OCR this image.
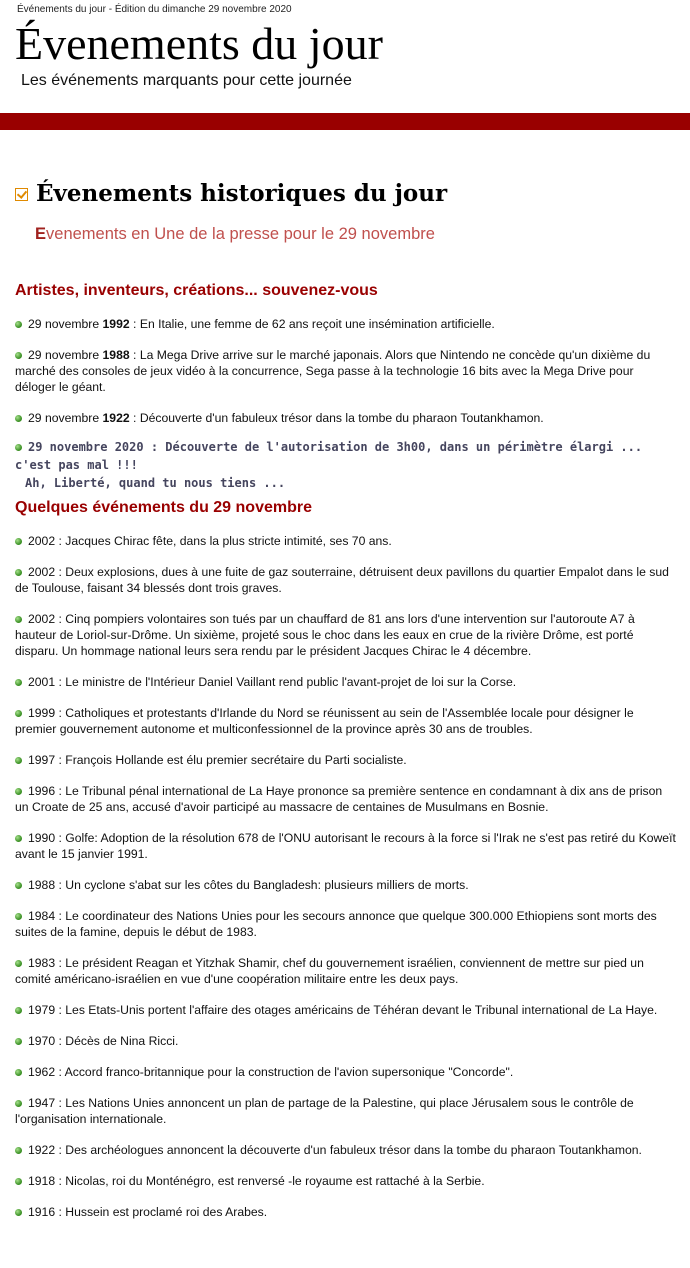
Événements du jour - Édition du dimanche 29 novembre 2020
Évenements du jour
Les événements marquants pour cette journée
Évenements historiques du jour
Evenements en Une de la presse pour le 29 novembre
Artistes, inventeurs, créations... souvenez-vous
29 novembre 1992 : En Italie, une femme de 62 ans reçoit une insémination artificielle.
29 novembre 1988 : La Mega Drive arrive sur le marché japonais. Alors que Nintendo ne concède qu'un dixième du marché des consoles de jeux vidéo à la concurrence, Sega passe à la technologie 16 bits avec la Mega Drive pour déloger le géant.
29 novembre 1922 : Découverte d'un fabuleux trésor dans la tombe du pharaon Toutankhamon.
29 novembre 2020 : Découverte de l'autorisation de 3h00, dans un périmètre élargi ... c'est pas mal !!!
Ah, Liberté, quand tu nous tiens ...
Quelques événements du 29 novembre
2002 : Jacques Chirac fête, dans la plus stricte intimité, ses 70 ans.
2002 : Deux explosions, dues à une fuite de gaz souterraine, détruisent deux pavillons du quartier Empalot dans le sud de Toulouse, faisant 34 blessés dont trois graves.
2002 : Cinq pompiers volontaires son tués par un chauffard de 81 ans lors d'une intervention sur l'autoroute A7 à hauteur de Loriol-sur-Drôme. Un sixième, projeté sous le choc dans les eaux en crue de la rivière Drôme, est porté disparu. Un hommage national leurs sera rendu par le président Jacques Chirac le 4 décembre.
2001 : Le ministre de l'Intérieur Daniel Vaillant rend public l'avant-projet de loi sur la Corse.
1999 : Catholiques et protestants d'Irlande du Nord se réunissent au sein de l'Assemblée locale pour désigner le premier gouvernement autonome et multiconfessionnel de la province après 30 ans de troubles.
1997 : François Hollande est élu premier secrétaire du Parti socialiste.
1996 : Le Tribunal pénal international de La Haye prononce sa première sentence en condamnant à dix ans de prison un Croate de 25 ans, accusé d'avoir participé au massacre de centaines de Musulmans en Bosnie.
1990 : Golfe: Adoption de la résolution 678 de l'ONU autorisant le recours à la force si l'Irak ne s'est pas retiré du Koweït avant le 15 janvier 1991.
1988 : Un cyclone s'abat sur les côtes du Bangladesh: plusieurs milliers de morts.
1984 : Le coordinateur des Nations Unies pour les secours annonce que quelque 300.000 Ethiopiens sont morts des suites de la famine, depuis le début de 1983.
1983 : Le président Reagan et Yitzhak Shamir, chef du gouvernement israélien, conviennent de mettre sur pied un comité américano-israélien en vue d'une coopération militaire entre les deux pays.
1979 : Les Etats-Unis portent l'affaire des otages américains de Téhéran devant le Tribunal international de La Haye.
1970 : Décès de Nina Ricci.
1962 : Accord franco-britannique pour la construction de l'avion supersonique "Concorde".
1947 : Les Nations Unies annoncent un plan de partage de la Palestine, qui place Jérusalem sous le contrôle de l'organisation internationale.
1922 : Des archéologues annoncent la découverte d'un fabuleux trésor dans la tombe du pharaon Toutankhamon.
1918 : Nicolas, roi du Monténégro, est renversé -le royaume est rattaché à la Serbie.
1916 : Hussein est proclamé roi des Arabes.
